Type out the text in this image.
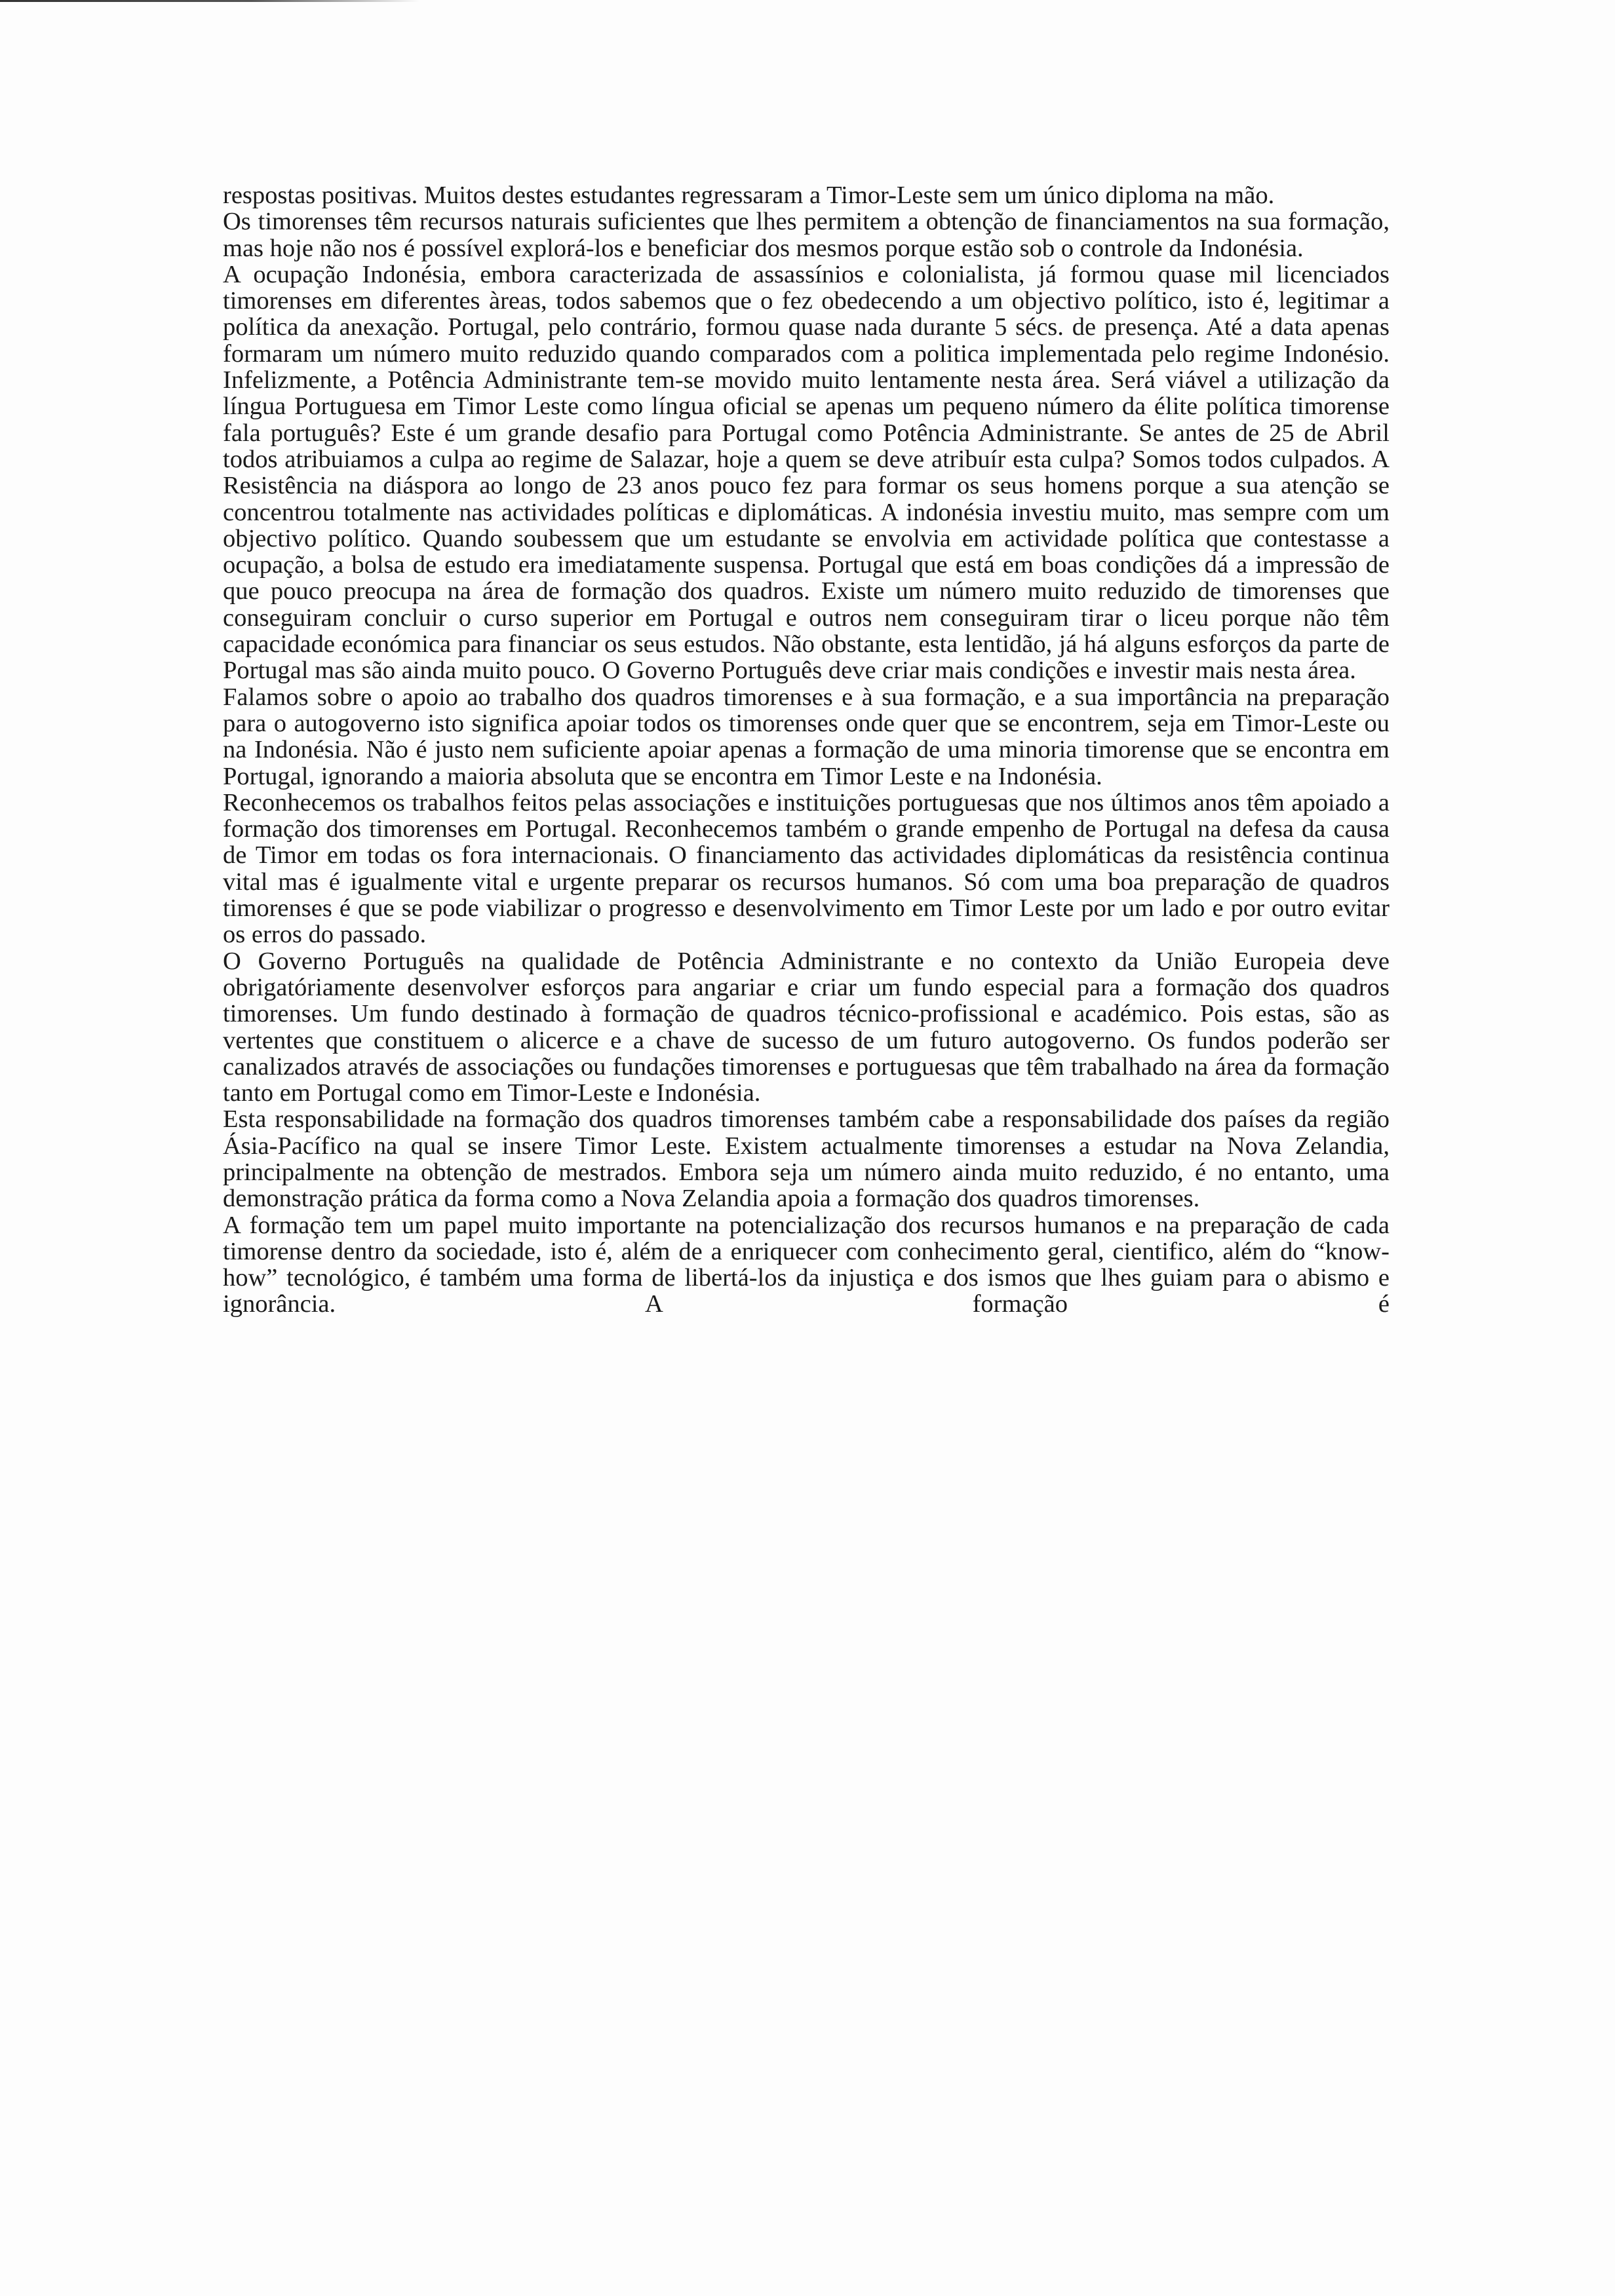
respostas positivas. Muitos destes estudantes regressaram a Timor-Leste sem um único diploma na mão.

Os timorenses têm recursos naturais suficientes que lhes permitem a obtenção de financiamentos na sua formação, mas hoje não nos é possível explorá-los e beneficiar dos mesmos porque estão sob o controle da Indonésia.

A ocupação Indonésia, embora caracterizada de assassínios e colonialista, já formou quase mil licenciados timorenses em diferentes àreas, todos sabemos que o fez obedecendo a um objectivo político, isto é, legitimar a política da anexação. Portugal, pelo contrário, formou quase nada durante 5 sécs. de presença. Até a data apenas formaram um número muito reduzido quando comparados com a politica implementada pelo regime Indonésio. Infelizmente, a Potência Administrante tem-se movido muito lentamente nesta área. Será viável a utilização da língua Portuguesa em Timor Leste como língua oficial se apenas um pequeno número da élite política timorense fala português? Este é um grande desafio para Portugal como Potência Administrante. Se antes de 25 de Abril todos atribuiamos a culpa ao regime de Salazar, hoje a quem se deve atribuír esta culpa? Somos todos culpados. A Resistência na diáspora ao longo de 23 anos pouco fez para formar os seus homens porque a sua atenção se concentrou totalmente nas actividades políticas e diplomáticas. A indonésia investiu muito, mas sempre com um objectivo político. Quando soubessem que um estudante se envolvia em actividade política que contestasse a ocupação, a bolsa de estudo era imediatamente suspensa. Portugal que está em boas condições dá a impressão de que pouco preocupa na área de formação dos quadros. Existe um número muito reduzido de timorenses que conseguiram concluir o curso superior em Portugal e outros nem conseguiram tirar o liceu porque não têm capacidade económica para financiar os seus estudos. Não obstante, esta lentidão, já há alguns esforços da parte de Portugal mas são ainda muito pouco. O Governo Português deve criar mais condições e investir mais nesta área.

Falamos sobre o apoio ao trabalho dos quadros timorenses e à sua formação, e a sua importância na preparação para o autogoverno isto significa apoiar todos os timorenses onde quer que se encontrem, seja em Timor-Leste ou na Indonésia. Não é justo nem suficiente apoiar apenas a formação de uma minoria timorense que se encontra em Portugal, ignorando a maioria absoluta que se encontra em Timor Leste e na Indonésia.

Reconhecemos os trabalhos feitos pelas associações e instituições portuguesas que nos últimos anos têm apoiado a formação dos timorenses em Portugal. Reconhecemos também o grande empenho de Portugal na defesa da causa de Timor em todas os fora internacionais. O financiamento das actividades diplomáticas da resistência continua vital mas é igualmente vital e urgente preparar os recursos humanos. Só com uma boa preparação de quadros timorenses é que se pode viabilizar o progresso e desenvolvimento em Timor Leste por um lado e por outro evitar os erros do passado.

O Governo Português na qualidade de Potência Administrante e no contexto da União Europeia deve obrigatóriamente desenvolver esforços para angariar e criar um fundo especial para a formação dos quadros timorenses. Um fundo destinado à formação de quadros técnico-profissional e académico. Pois estas, são as vertentes que constituem o alicerce e a chave de sucesso de um futuro autogoverno. Os fundos poderão ser canalizados através de associações ou fundações timorenses e portuguesas que têm trabalhado na área da formação tanto em Portugal como em Timor-Leste e Indonésia.

Esta responsabilidade na formação dos quadros timorenses também cabe a responsabilidade dos países da região Ásia-Pacífico na qual se insere Timor Leste. Existem actualmente timorenses a estudar na Nova Zelandia, principalmente na obtenção de mestrados. Embora seja um número ainda muito reduzido, é no entanto, uma demonstração prática da forma como a Nova Zelandia apoia a formação dos quadros timorenses.

A formação tem um papel muito importante na potencialização dos recursos humanos e na preparação de cada timorense dentro da sociedade, isto é, além de a enriquecer com conhecimento geral, cientifico, além do “know-how” tecnológico, é também uma forma de libertá-los da injustiça e dos ismos que lhes guiam para o abismo e ignorância. A formação é
